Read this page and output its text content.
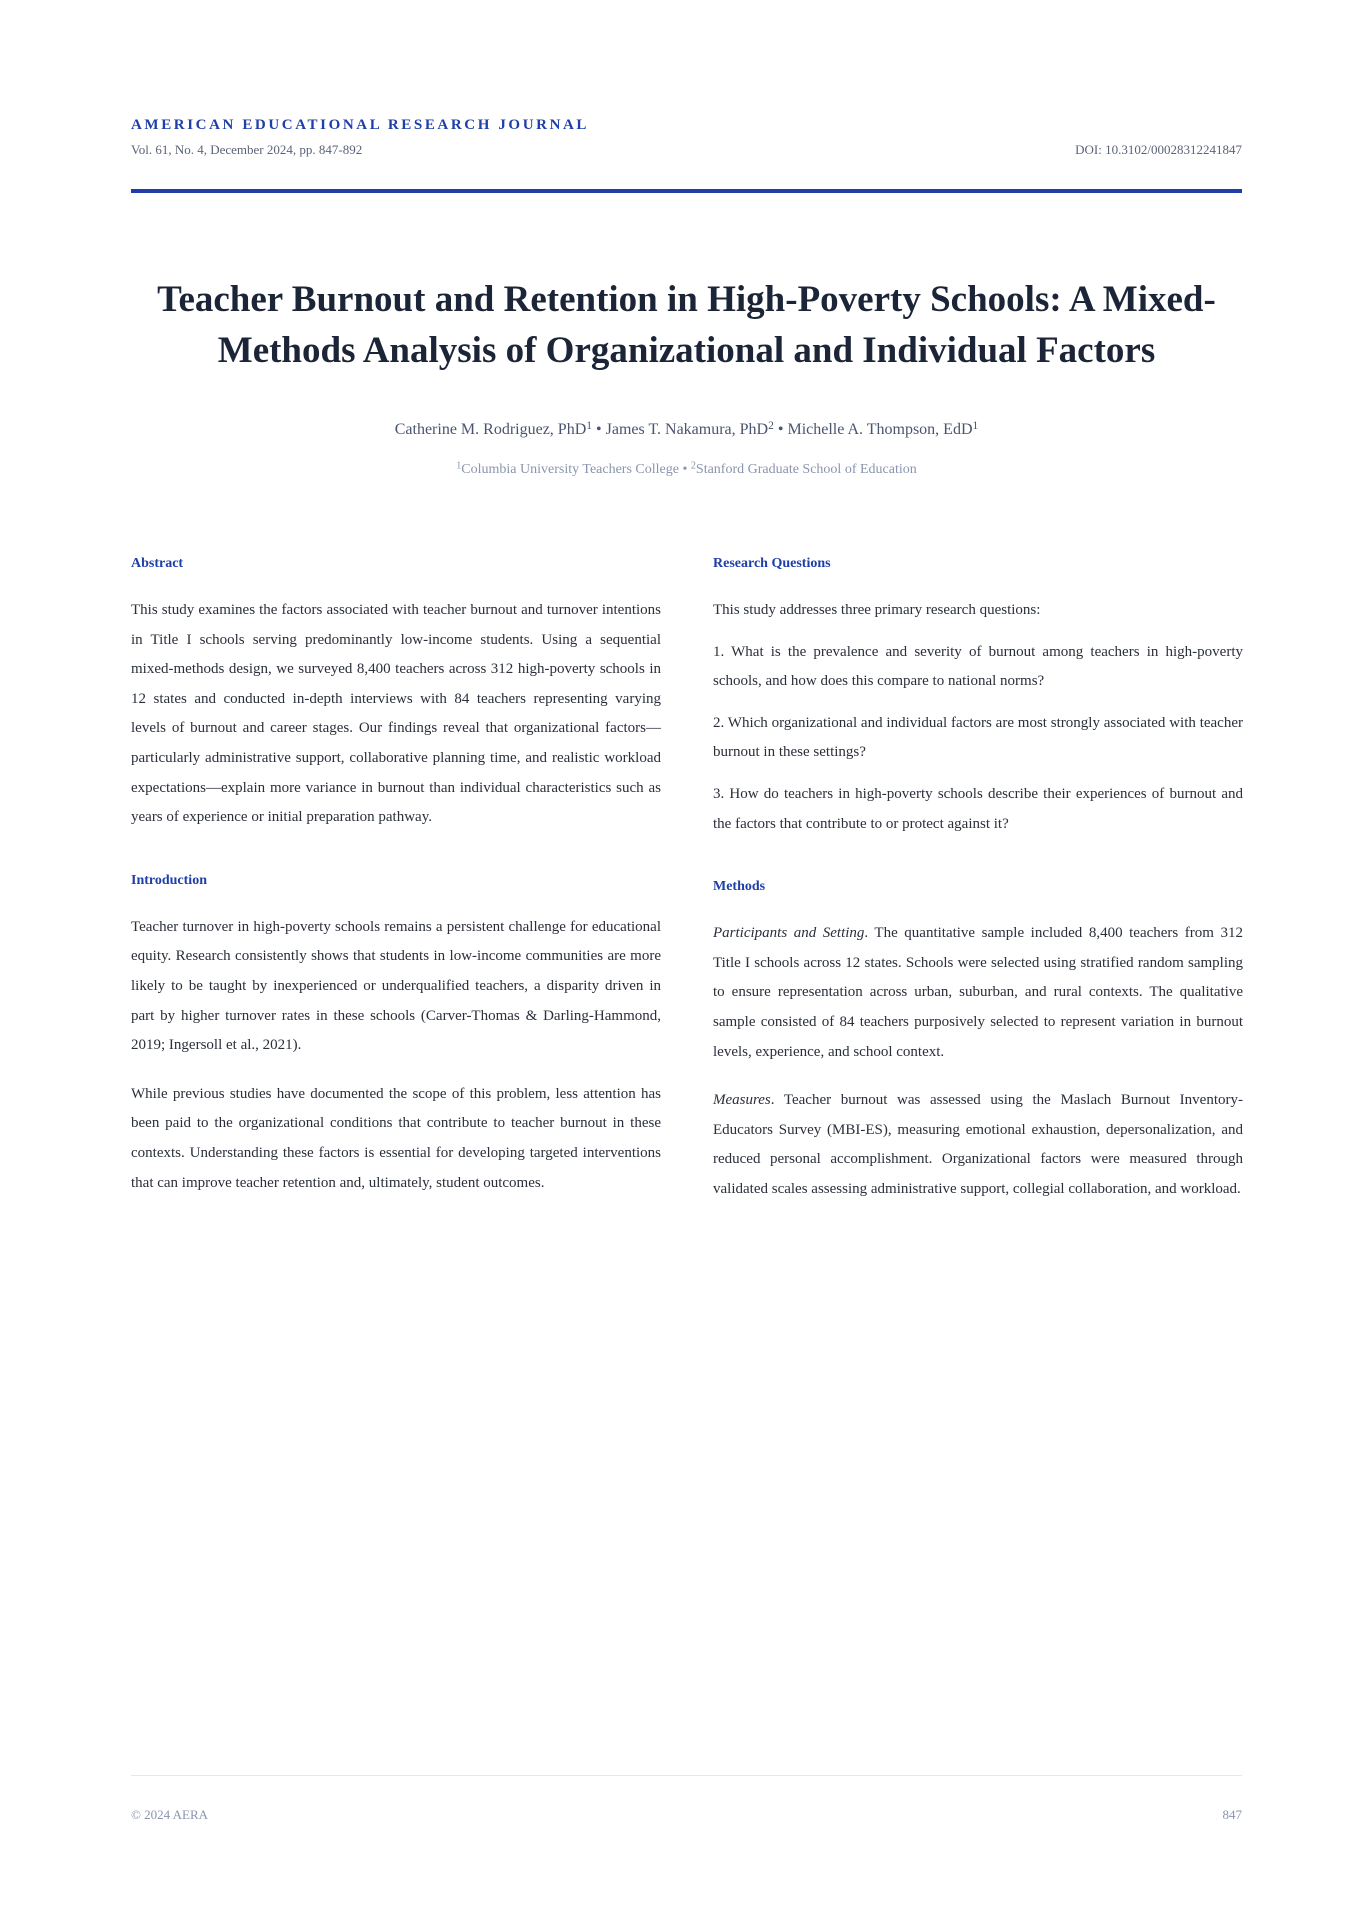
AMERICAN EDUCATIONAL RESEARCH JOURNAL
Vol. 61, No. 4, December 2024, pp. 847-892	DOI: 10.3102/00028312241847
Teacher Burnout and Retention in High-Poverty Schools: A Mixed-Methods Analysis of Organizational and Individual Factors
Catherine M. Rodriguez, PhD$^1$ • James T. Nakamura, PhD$^2$ • Michelle A. Thompson, EdD$^1$
$^1$Columbia University Teachers College • $^2$Stanford Graduate School of Education
Abstract

This study examines the factors associated with teacher burnout and turnover intentions in Title I schools serving predominantly low-income students. Using a sequential mixed-methods design, we surveyed 8,400 teachers across 312 high-poverty schools in 12 states and conducted in-depth interviews with 84 teachers representing varying levels of burnout and career stages. Our findings reveal that organizational factors—particularly administrative support, collaborative planning time, and realistic workload expectations—explain more variance in burnout than individual characteristics such as years of experience or initial preparation pathway.

Introduction

Teacher turnover in high-poverty schools remains a persistent challenge for educational equity. Research consistently shows that students in low-income communities are more likely to be taught by inexperienced or underqualified teachers, a disparity driven in part by higher turnover rates in these schools (Carver-Thomas & Darling-Hammond, 2019; Ingersoll et al., 2021).

While previous studies have documented the scope of this problem, less attention has been paid to the organizational conditions that contribute to teacher burnout in these contexts. Understanding these factors is essential for developing targeted interventions that can improve teacher retention and, ultimately, student outcomes.

Research Questions

This study addresses three primary research questions:

1. What is the prevalence and severity of burnout among teachers in high-poverty schools, and how does this compare to national norms?

2. Which organizational and individual factors are most strongly associated with teacher burnout in these settings?

3. How do teachers in high-poverty schools describe their experiences of burnout and the factors that contribute to or protect against it?

Methods

Participants and Setting. The quantitative sample included 8,400 teachers from 312 Title I schools across 12 states. Schools were selected using stratified random sampling to ensure representation across urban, suburban, and rural contexts. The qualitative sample consisted of 84 teachers purposively selected to represent variation in burnout levels, experience, and school context.

Measures. Teacher burnout was assessed using the Maslach Burnout Inventory-Educators Survey (MBI-ES), measuring emotional exhaustion, depersonalization, and reduced personal accomplishment. Organizational factors were measured through validated scales assessing administrative support, collegial collaboration, and workload.

© 2024 AERA	847
